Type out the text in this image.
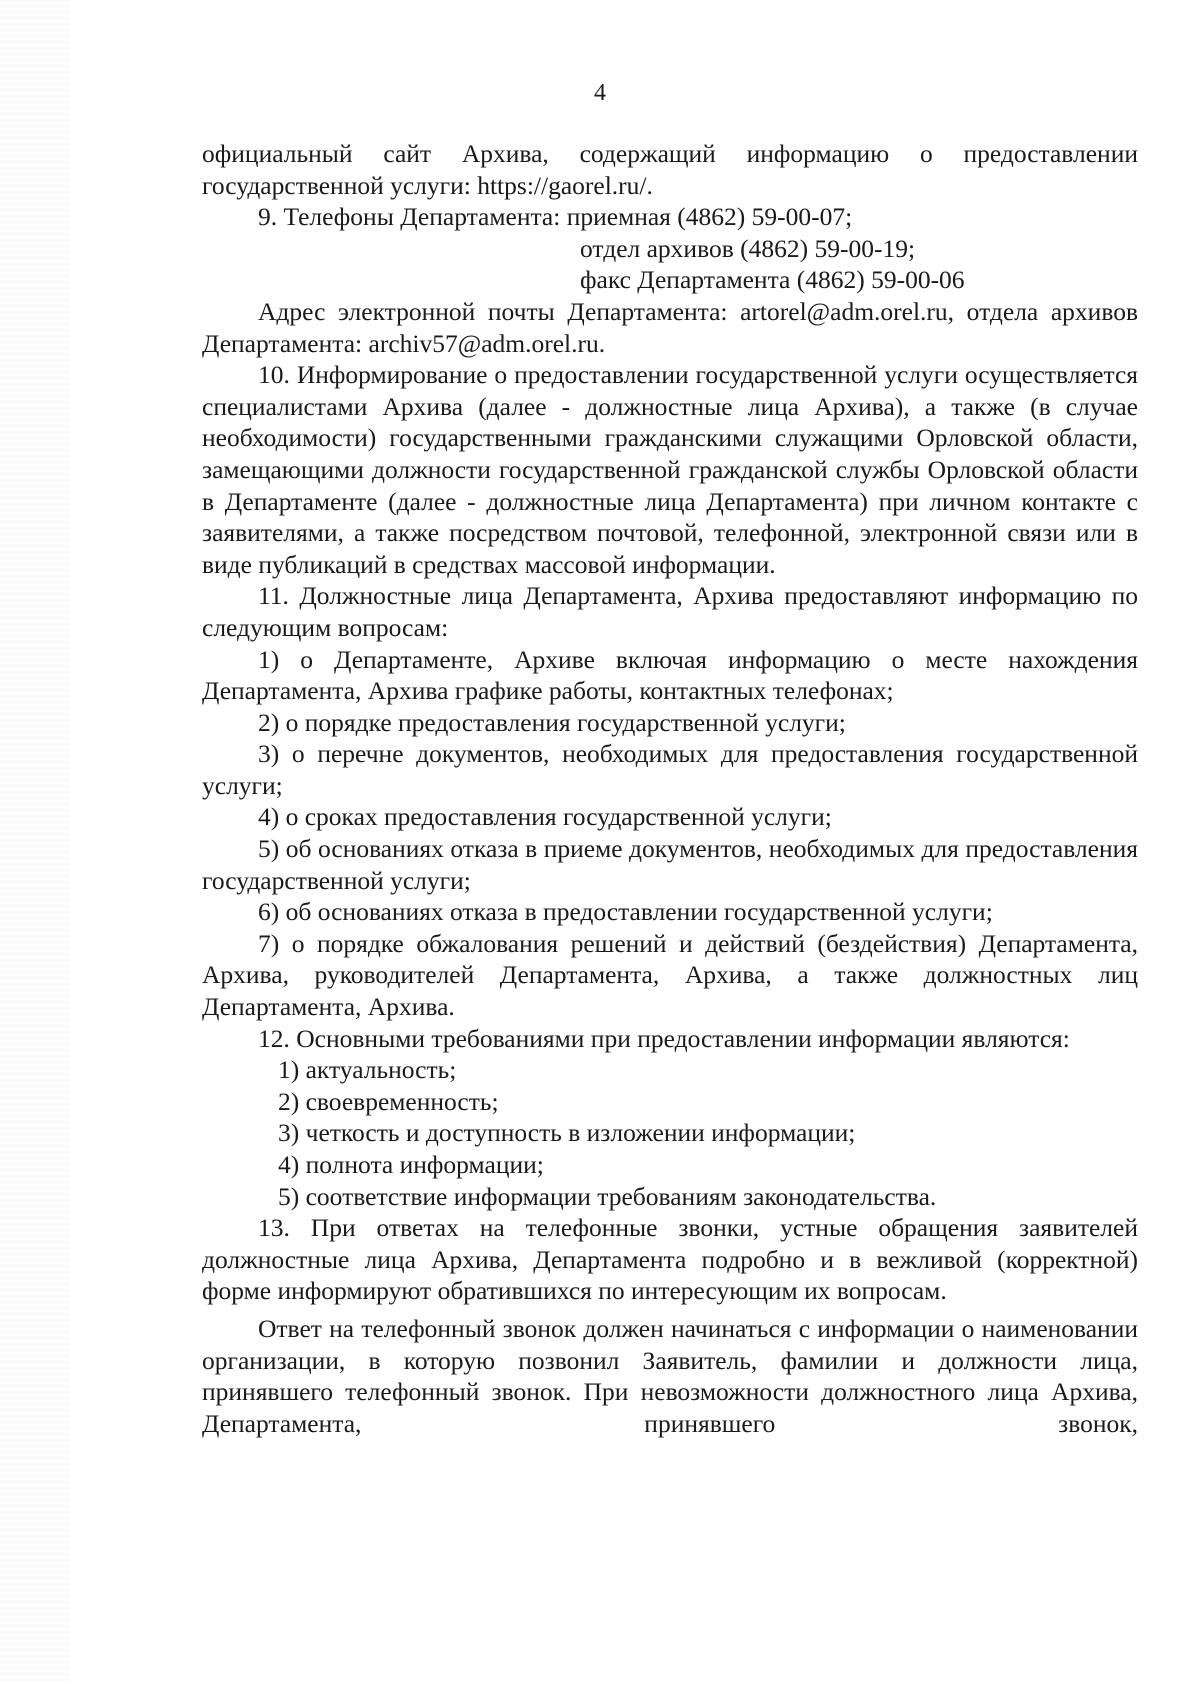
4

официальный сайт Архива, содержащий информацию о предоставлении государственной услуги: https://gaorel.ru/.

9. Телефоны Департамента: приемная (4862) 59-00-07;

отдел архивов (4862) 59-00-19;

факс Департамента (4862) 59-00-06

Адрес электронной почты Департамента: artorel@adm.orel.ru, отдела архивов Департамента: archiv57@adm.orel.ru.

10. Информирование о предоставлении государственной услуги осуществляется специалистами Архива (далее - должностные лица Архива), а также (в случае необходимости) государственными гражданскими служащими Орловской области, замещающими должности государственной гражданской службы Орловской области в Департаменте (далее - должностные лица Департамента) при личном контакте с заявителями, а также посредством почтовой, телефонной, электронной связи или в виде публикаций в средствах массовой информации.

11. Должностные лица Департамента, Архива предоставляют информацию по следующим вопросам:

1) о Департаменте, Архиве включая информацию о месте нахождения Департамента, Архива графике работы, контактных телефонах;

2) о порядке предоставления государственной услуги;

3) о перечне документов, необходимых для предоставления государственной услуги;

4) о сроках предоставления государственной услуги;

5) об основаниях отказа в приеме документов, необходимых для предоставления государственной услуги;

6) об основаниях отказа в предоставлении государственной услуги;

7) о порядке обжалования решений и действий (бездействия) Департамента, Архива, руководителей Департамента, Архива, а также должностных лиц Департамента, Архива.

12. Основными требованиями при предоставлении информации являются:

1) актуальность;

2) своевременность;

3) четкость и доступность в изложении информации;

4) полнота информации;

5) соответствие информации требованиям законодательства.

13. При ответах на телефонные звонки, устные обращения заявителей должностные лица Архива, Департамента подробно и в вежливой (корректной) форме информируют обратившихся по интересующим их вопросам.

Ответ на телефонный звонок должен начинаться с информации о наименовании организации, в которую позвонил Заявитель, фамилии и должности лица, принявшего телефонный звонок. При невозможности должностного лица Архива, Департамента, принявшего звонок,
